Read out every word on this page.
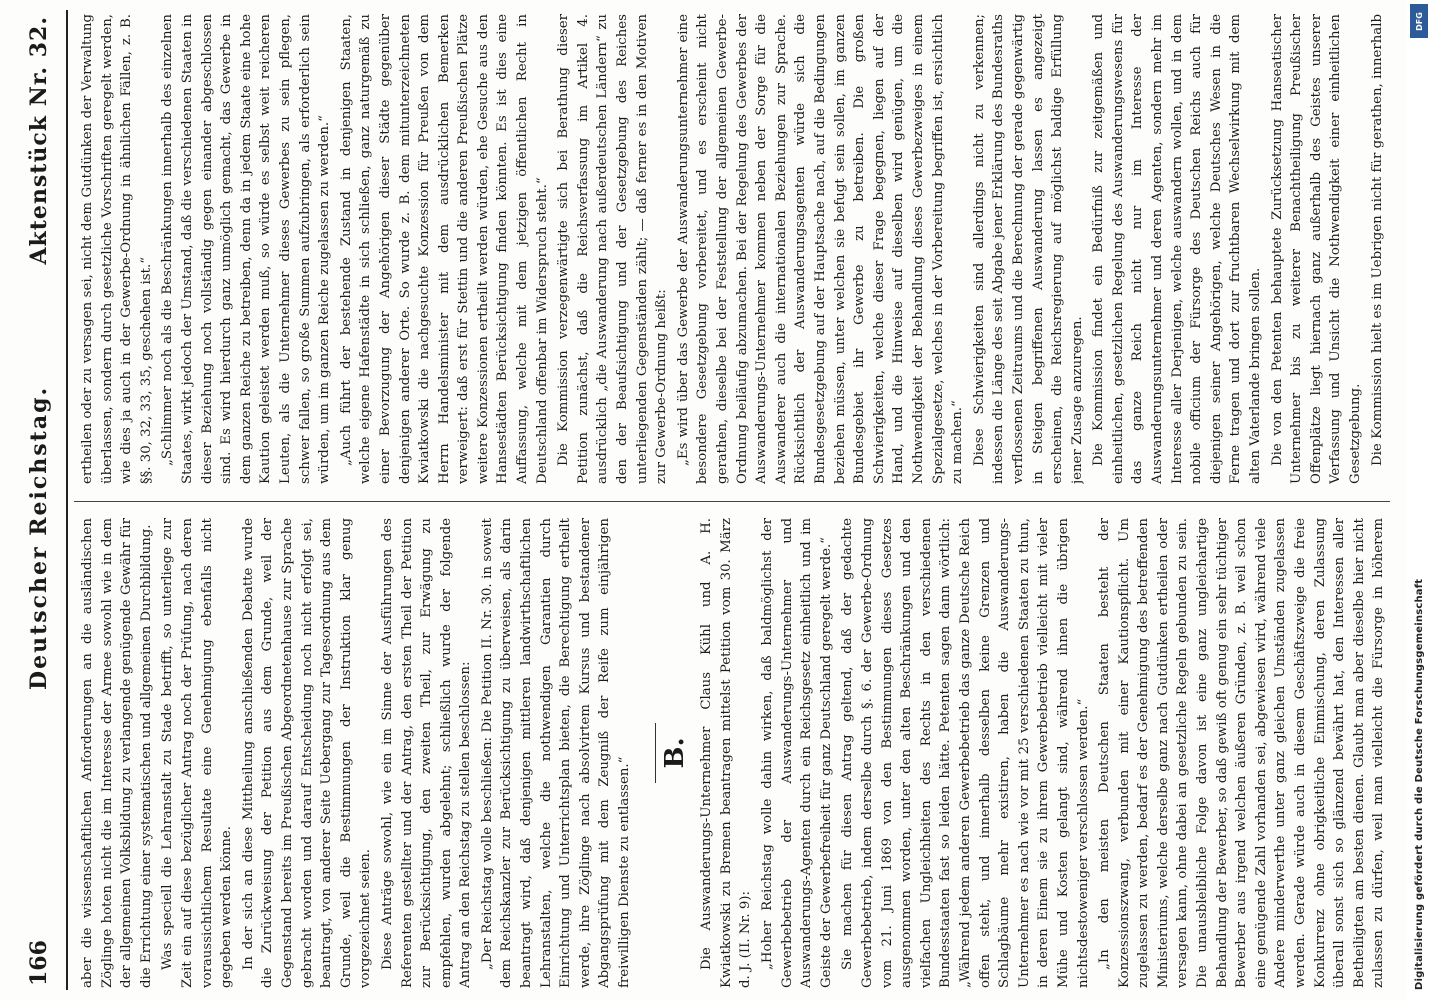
166
Deutscher Reichstag.
Aktenstück Nr. 32.

aber die wissenschaftlichen Anforderungen an die ausländischen Zöglinge hoten nicht die im Interesse der Armee sowohl wie in dem der allgemeinen Volksbildung zu verlangende genügende Gewähr für die Errichtung einer systematischen und allgemeinen Durchbildung. Was speciell die Lehranstalt zu Stade betrifft, so unterliege zur Zeit ein auf diese bezüglicher Antrag noch der Prüfung, nach deren voraussichtlichem Resultate eine Genehmigung ebenfalls nicht gegeben werden könne. In der sich an diese Mittheilung anschließenden Debatte wurde die Zurückweisung der Petition aus dem Grunde, weil der Gegenstand bereits im Preußischen Abgeordnetenhause zur Sprache gebracht worden und darauf Entscheidung noch nicht erfolgt sei, beantragt, von anderer Seite Uebergang zur Tagesordnung aus dem Grunde, weil die Bestimmungen der Instruktion klar genug vorgezeichnet seien. Diese Anträge sowohl, wie ein im Sinne der Ausführungen des Referenten gestellter und der Antrag, den ersten Theil der Petition zur Berücksichtigung, den zweiten Theil, zur Erwägung zu empfehlen, wurden abgelehnt; schließlich wurde der folgende Antrag an den Reichstag zu stellen beschlossen: „Der Reichstag wolle beschließen: Die Petition II. Nr. 30. in soweit dem Reichskanzler zur Berücksichtigung zu überweisen, als darin beantragt wird, daß denjenigen mittleren landwirthschaftlichen Lehranstalten, welche die nothwendigen Garantien durch Einrichtung und Unterrichtsplan bieten, die Berechtigung ertheilt werde, ihre Zöglinge nach absolvirtem Kursus und bestandener Abgangsprüfung mit dem Zeugniß der Reife zum einjährigen freiwilligen Dienste zu entlassen.“

B. Die Auswanderungs-Unternehmer Claus Kühl und A. H. Kwiatkowski zu Bremen beantragen mittelst Petition vom 30. März d. J. (II. Nr. 9): „Hoher Reichstag wolle dahin wirken, daß baldmöglichst der Gewerbebetrieb der Auswanderungs-Unternehmer und Auswanderungs-Agenten durch ein Reichsgesetz einheitlich und im Geiste der Gewerbefreiheit für ganz Deutschland geregelt werde.“ Sie machen für diesen Antrag geltend, daß der gedachte Gewerbebetrieb, indem derselbe durch §. 6. der Gewerbe-Ordnung vom 21. Juni 1869 von den Bestimmungen dieses Gesetzes ausgenommen worden, unter den alten Beschränkungen und den vielfachen Ungleichheiten des Rechts in den verschiedenen Bundesstaaten fast so leiden hätte. Petenten sagen dann wörtlich: „Während jedem anderen Gewerbebetrieb das ganze Deutsche Reich offen steht, und innerhalb desselben keine Grenzen und Schlagbäume mehr existiren, haben die Auswanderungs-Unternehmer es nach wie vor mit 25 verschiedenen Staaten zu thun, in deren Einem sie zu ihrem Gewerbebetrieb vielleicht mit vieler Mühe und Kosten gelangt sind, während ihnen die übrigen nichtsdestoweniger verschlossen werden.“ „In den meisten Deutschen Staaten besteht der Konzessionszwang, verbunden mit einer Kautionspflicht. Um zugelassen zu werden, bedarf es der Genehmigung des betreffenden Ministeriums, welche derselbe ganz nach Gutdünken ertheilen oder versagen kann, ohne dabei an gesetzliche Regeln gebunden zu sein. Die unausbleibliche Folge davon ist eine ganz ungleichartige Behandlung der Bewerber, so daß gewiß oft genug ein sehr tüchtiger Bewerber aus irgend welchen äußeren Gründen, z. B. weil schon eine genügende Zahl vorhanden sei, abgewiesen wird, während viele Andere minderwerthe unter ganz gleichen Umständen zugelassen werden. Gerade würde auch in diesem Geschäftszweige die freie Konkurrenz ohne obrigkeitliche Einmischung, deren Zulassung überall sonst sich so glänzend bewährt hat, den Interessen aller Betheiligten am besten dienen. Glaubt man aber dieselbe hier nicht zulassen zu dürfen, weil man vielleicht die Fürsorge in höherem

ertheilen oder zu versagen sei, nicht dem Gutdünken der Verwaltung überlassen, sondern durch gesetzliche Vorschriften geregelt werden, wie dies ja auch in der Gewerbe-Ordnung in ähnlichen Fällen, z. B. §§. 30, 32, 33, 35, geschehen ist.“ „Schlimmer noch als die Beschränkungen innerhalb des einzelnen Staates, wirkt jedoch der Umstand, daß die verschiedenen Staaten in dieser Beziehung noch vollständig gegen einander abgeschlossen sind. Es wird hierdurch ganz unmöglich gemacht, das Gewerbe in dem ganzen Reiche zu betreiben, denn da in jedem Staate eine hohe Kaution geleistet werden muß, so würde es selbst weit reicheren Leuten, als die Unternehmer dieses Gewerbes zu sein pflegen, schwer fallen, so große Summen aufzubringen, als erforderlich sein würden, um im ganzen Reiche zugelassen zu werden.“ „Auch führt der bestehende Zustand in denjenigen Staaten, welche eigene Hafenstädte in sich schließen, ganz naturgemäß zu einer Bevorzugung der Angehörigen dieser Städte gegenüber denjenigen anderer Orte. So wurde z. B. dem mitunterzeichneten Kwiatkowski die nachgesuchte Konzession für Preußen von dem Herrn Handelsminister mit dem ausdrücklichen Bemerken verweigert: daß erst für Stettin und die anderen Preußischen Plätze weitere Konzessionen ertheilt werden würden, ehe Gesuche aus den Hansestädten Berücksichtigung finden könnten. Es ist dies eine Auffassung, welche mit dem jetzigen öffentlichen Recht in Deutschland offenbar im Widerspruch steht.“ Die Kommission verzegenwärtigte sich bei Berathung dieser Petition zunächst, daß die Reichsverfassung im Artikel 4. ausdrücklich „die Auswanderung nach außerdeutschen Ländern“ zu den der Beaufsichtigung und der Gesetzgebung des Reiches unterliegenden Gegenständen zählt; — daß ferner es in den Motiven zur Gewerbe-Ordnung heißt: „Es wird über das Gewerbe der Auswanderungsunternehmer eine besondere Gesetzgebung vorbereitet, und es erscheint nicht gerathen, dieselbe bei der Feststellung der allgemeinen Gewerbe-Ordnung beiläufig abzumachen. Bei der Regelung des Gewerbes der Auswanderungs-Unternehmer kommen neben der Sorge für die Auswanderer auch die internationalen Beziehungen zur Sprache. Rücksichtlich der Auswanderungsagenten würde sich die Bundesgesetzgebung auf der Hauptsache nach, auf die Bedingungen beziehen müssen, unter welchen sie befugt sein sollen, im ganzen Bundesgebiet ihr Gewerbe zu betreiben. Die großen Schwierigkeiten, welche dieser Frage begegnen, liegen auf der Hand, und die Hinweise auf dieselben wird genügen, um die Nothwendigkeit der Behandlung dieses Gewerbezweiges in einem Spezialgesetze, welches in der Vorbereitung begriffen ist, ersichtlich zu machen.“ Diese Schwierigkeiten sind allerdings nicht zu verkennen; indessen die Länge des seit Abgabe jener Erklärung des Bundesraths verflossenen Zeitraums und die Berechnung der gerade gegenwärtig in Steigen begriffenen Auswanderung lassen es angezeigt erscheinen, die Reichsregierung auf möglichst baldige Erfüllung jener Zusage anzuregen. Die Kommission findet ein Bedürfniß zur zeitgemäßen und einheitlichen, gesetzlichen Regelung des Auswanderungswesens für das ganze Reich nicht nur im Interesse der Auswanderungsunternehmer und deren Agenten, sondern mehr im Interesse aller Derjenigen, welche auswandern wollen, und in dem nobile officium der Fürsorge des Deutschen Reichs auch für diejenigen seiner Angehörigen, welche Deutsches Wesen in die Ferne tragen und dort zur fruchtbaren Wechselwirkung mit dem alten Vaterlande bringen sollen. Die von den Petenten behauptete Zurücksetzung Hanseatischer Unternehmer bis zu weiterer Benachtheiligung Preußischer Offenplätze liegt hiernach ganz außerhalb des Geistes unserer Verfassung und Unsicht die Nothwendigkeit einer einheitlichen Gesetzgebung. Die Kommission hielt es im Uebrigen nicht für gerathen, innerhalb	DFG
Digitalisierung gefördert durch die Deutsche Forschungsgemeinschaft
